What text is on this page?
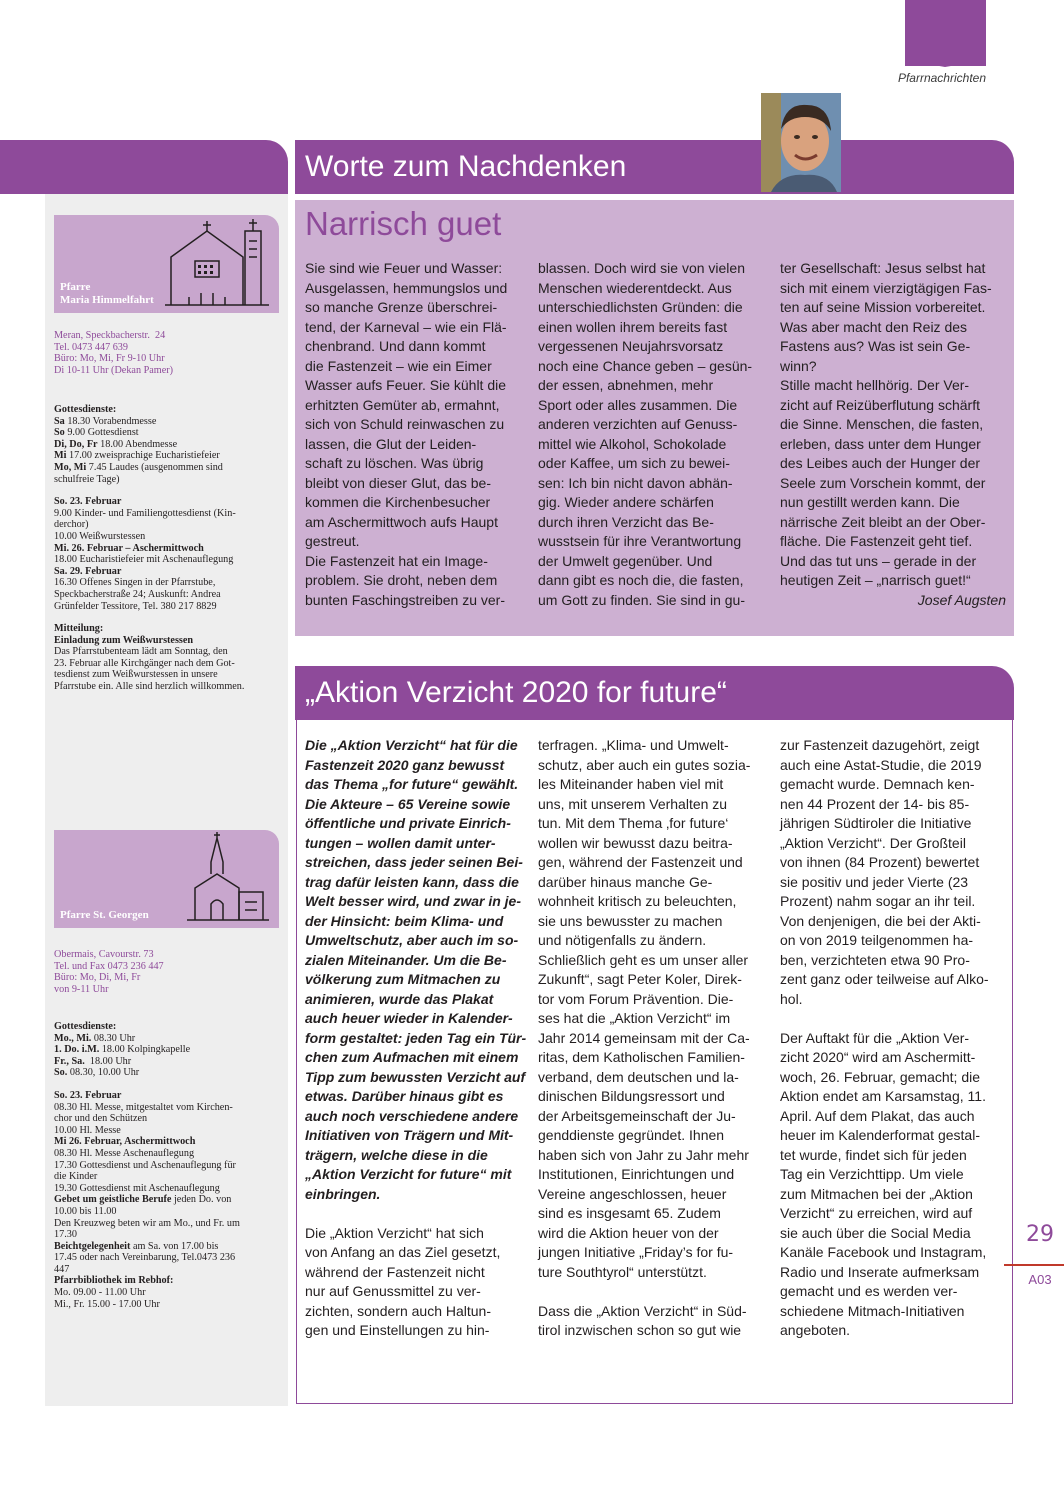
Pfarrnachrichten
Pfarre
Maria Himmelfahrt
Meran, Speckbacherstr.  24
Tel. 0473 447 639
Büro: Mo, Mi, Fr 9-10 Uhr
Di 10-11 Uhr (Dekan Pamer)
Gottesdienste:
Sa 18.30 Vorabendmesse
So 9.00 Gottesdienst
Di, Do, Fr 18.00 Abendmesse
Mi 17.00 zweisprachige Eucharistiefeier
Mo, Mi 7.45 Laudes (ausgenommen sind
schulfreie Tage)
So. 23. Februar
9.00 Kinder- und Familiengottesdienst (Kin-
derchor)
10.00 Weißwurstessen
Mi. 26. Februar – Aschermittwoch
18.00 Eucharistiefeier mit Aschenauflegung
Sa. 29. Februar
16.30 Offenes Singen in der Pfarrstube,
Speckbacherstraße 24; Auskunft: Andrea
Grünfelder Tessitore, Tel. 380 217 8829
Mitteilung:
Einladung zum Weißwurstessen
Das Pfarrstubenteam lädt am Sonntag, den
23. Februar alle Kirchgänger nach dem Got-
tesdienst zum Weißwurstessen in unsere
Pfarrstube ein. Alle sind herzlich willkommen.
Pfarre St. Georgen
Obermais, Cavourstr. 73
Tel. und Fax 0473 236 447
Büro: Mo, Di, Mi, Fr
von 9-11 Uhr
Gottesdienste:
Mo., Mi. 08.30 Uhr
1. Do. i.M. 18.00 Kolpingkapelle
Fr., Sa.  18.00 Uhr
So. 08.30, 10.00 Uhr
So. 23. Februar
08.30 Hl. Messe, mitgestaltet vom Kirchen-
chor und den Schützen
10.00 Hl. Messe
Mi 26. Februar, Aschermittwoch
08.30 Hl. Messe Aschenauflegung
17.30 Gottesdienst und Aschenauflegung für
die Kinder
19.30 Gottesdienst mit Aschenauflegung
Gebet um geistliche Berufe jeden Do. von
10.00 bis 11.00
Den Kreuzweg beten wir am Mo., und Fr. um
17.30
Beichtgelegenheit am Sa. von 17.00 bis
17.45 oder nach Vereinbarung, Tel.0473 236
447
Pfarrbibliothek im Rebhof:
Mo. 09.00 - 11.00 Uhr
Mi., Fr. 15.00 - 17.00 Uhr
Worte zum Nachdenken
Narrisch guet
Sie sind wie Feuer und Wasser:
Ausgelassen, hemmungslos und
so manche Grenze überschrei-
tend, der Karneval – wie ein Flä-
chenbrand. Und dann kommt
die Fastenzeit – wie ein Eimer
Wasser aufs Feuer. Sie kühlt die
erhitzten Gemüter ab, ermahnt,
sich von Schuld reinwaschen zu
lassen, die Glut der Leiden-
schaft zu löschen. Was übrig
bleibt von dieser Glut, das be-
kommen die Kirchenbesucher
am Aschermittwoch aufs Haupt
gestreut.
Die Fastenzeit hat ein Image-
problem. Sie droht, neben dem
bunten Faschingstreiben zu ver-
blassen. Doch wird sie von vielen
Menschen wiederentdeckt. Aus
unterschiedlichsten Gründen: die
einen wollen ihrem bereits fast
vergessenen Neujahrsvorsatz
noch eine Chance geben – gesün-
der essen, abnehmen, mehr
Sport oder alles zusammen. Die
anderen verzichten auf Genuss-
mittel wie Alkohol, Schokolade
oder Kaffee, um sich zu bewei-
sen: Ich bin nicht davon abhän-
gig. Wieder andere schärfen
durch ihren Verzicht das Be-
wusstsein für ihre Verantwortung
der Umwelt gegenüber. Und
dann gibt es noch die, die fasten,
um Gott zu finden. Sie sind in gu-
ter Gesellschaft: Jesus selbst hat
sich mit einem vierzigtägigen Fas-
ten auf seine Mission vorbereitet.
Was aber macht den Reiz des
Fastens aus? Was ist sein Ge-
winn?
Stille macht hellhörig. Der Ver-
zicht auf Reizüberflutung schärft
die Sinne. Menschen, die fasten,
erleben, dass unter dem Hunger
des Leibes auch der Hunger der
Seele zum Vorschein kommt, der
nun gestillt werden kann. Die
närrische Zeit bleibt an der Ober-
fläche. Die Fastenzeit geht tief.
Und das tut uns – gerade in der
heutigen Zeit – „narrisch guet!“
Josef Augsten
„Aktion Verzicht 2020 for future“
Die „Aktion Verzicht“ hat für die
Fastenzeit 2020 ganz bewusst
das Thema „for future“ gewählt.
Die Akteure – 65 Vereine sowie
öffentliche und private Einrich-
tungen – wollen damit unter-
streichen, dass jeder seinen Bei-
trag dafür leisten kann, dass die
Welt besser wird, und zwar in je-
der Hinsicht: beim Klima- und
Umweltschutz, aber auch im so-
zialen Miteinander. Um die Be-
völkerung zum Mitmachen zu
animieren, wurde das Plakat
auch heuer wieder in Kalender-
form gestaltet: jeden Tag ein Tür-
chen zum Aufmachen mit einem
Tipp zum bewussten Verzicht auf
etwas. Darüber hinaus gibt es
auch noch verschiedene andere
Initiativen von Trägern und Mit-
trägern, welche diese in die
„Aktion Verzicht for future“ mit
einbringen.
Die „Aktion Verzicht“ hat sich
von Anfang an das Ziel gesetzt,
während der Fastenzeit nicht
nur auf Genussmittel zu ver-
zichten, sondern auch Haltun-
gen und Einstellungen zu hin-
terfragen. „Klima- und Umwelt-
schutz, aber auch ein gutes sozia-
les Miteinander haben viel mit
uns, mit unserem Verhalten zu
tun. Mit dem Thema ‚for future‘
wollen wir bewusst dazu beitra-
gen, während der Fastenzeit und
darüber hinaus manche Ge-
wohnheit kritisch zu beleuchten,
sie uns bewusster zu machen
und nötigenfalls zu ändern.
Schließlich geht es um unser aller
Zukunft“, sagt Peter Koler, Direk-
tor vom Forum Prävention. Die-
ses hat die „Aktion Verzicht“ im
Jahr 2014 gemeinsam mit der Ca-
ritas, dem Katholischen Familien-
verband, dem deutschen und la-
dinischen Bildungsressort und
der Arbeitsgemeinschaft der Ju-
genddienste gegründet. Ihnen
haben sich von Jahr zu Jahr mehr
Institutionen, Einrichtungen und
Vereine angeschlossen, heuer
sind es insgesamt 65. Zudem
wird die Aktion heuer von der
jungen Initiative „Friday’s for fu-
ture Southtyrol“ unterstützt.
Dass die „Aktion Verzicht“ in Süd-
tirol inzwischen schon so gut wie
zur Fastenzeit dazugehört, zeigt
auch eine Astat-Studie, die 2019
gemacht wurde. Demnach ken-
nen 44 Prozent der 14- bis 85-
jährigen Südtiroler die Initiative
„Aktion Verzicht“. Der Großteil
von ihnen (84 Prozent) bewertet
sie positiv und jeder Vierte (23
Prozent) nahm sogar an ihr teil.
Von denjenigen, die bei der Akti-
on von 2019 teilgenommen ha-
ben, verzichteten etwa 90 Pro-
zent ganz oder teilweise auf Alko-
hol.
Der Auftakt für die „Aktion Ver-
zicht 2020“ wird am Aschermitt-
woch, 26. Februar, gemacht; die
Aktion endet am Karsamstag, 11.
April. Auf dem Plakat, das auch
heuer im Kalenderformat gestal-
tet wurde, findet sich für jeden
Tag ein Verzichttipp. Um viele
zum Mitmachen bei der „Aktion
Verzicht“ zu erreichen, wird auf
sie auch über die Social Media
Kanäle Facebook und Instagram,
Radio und Inserate aufmerksam
gemacht und es werden ver-
schiedene Mitmach-Initiativen
angeboten.
29
A03
